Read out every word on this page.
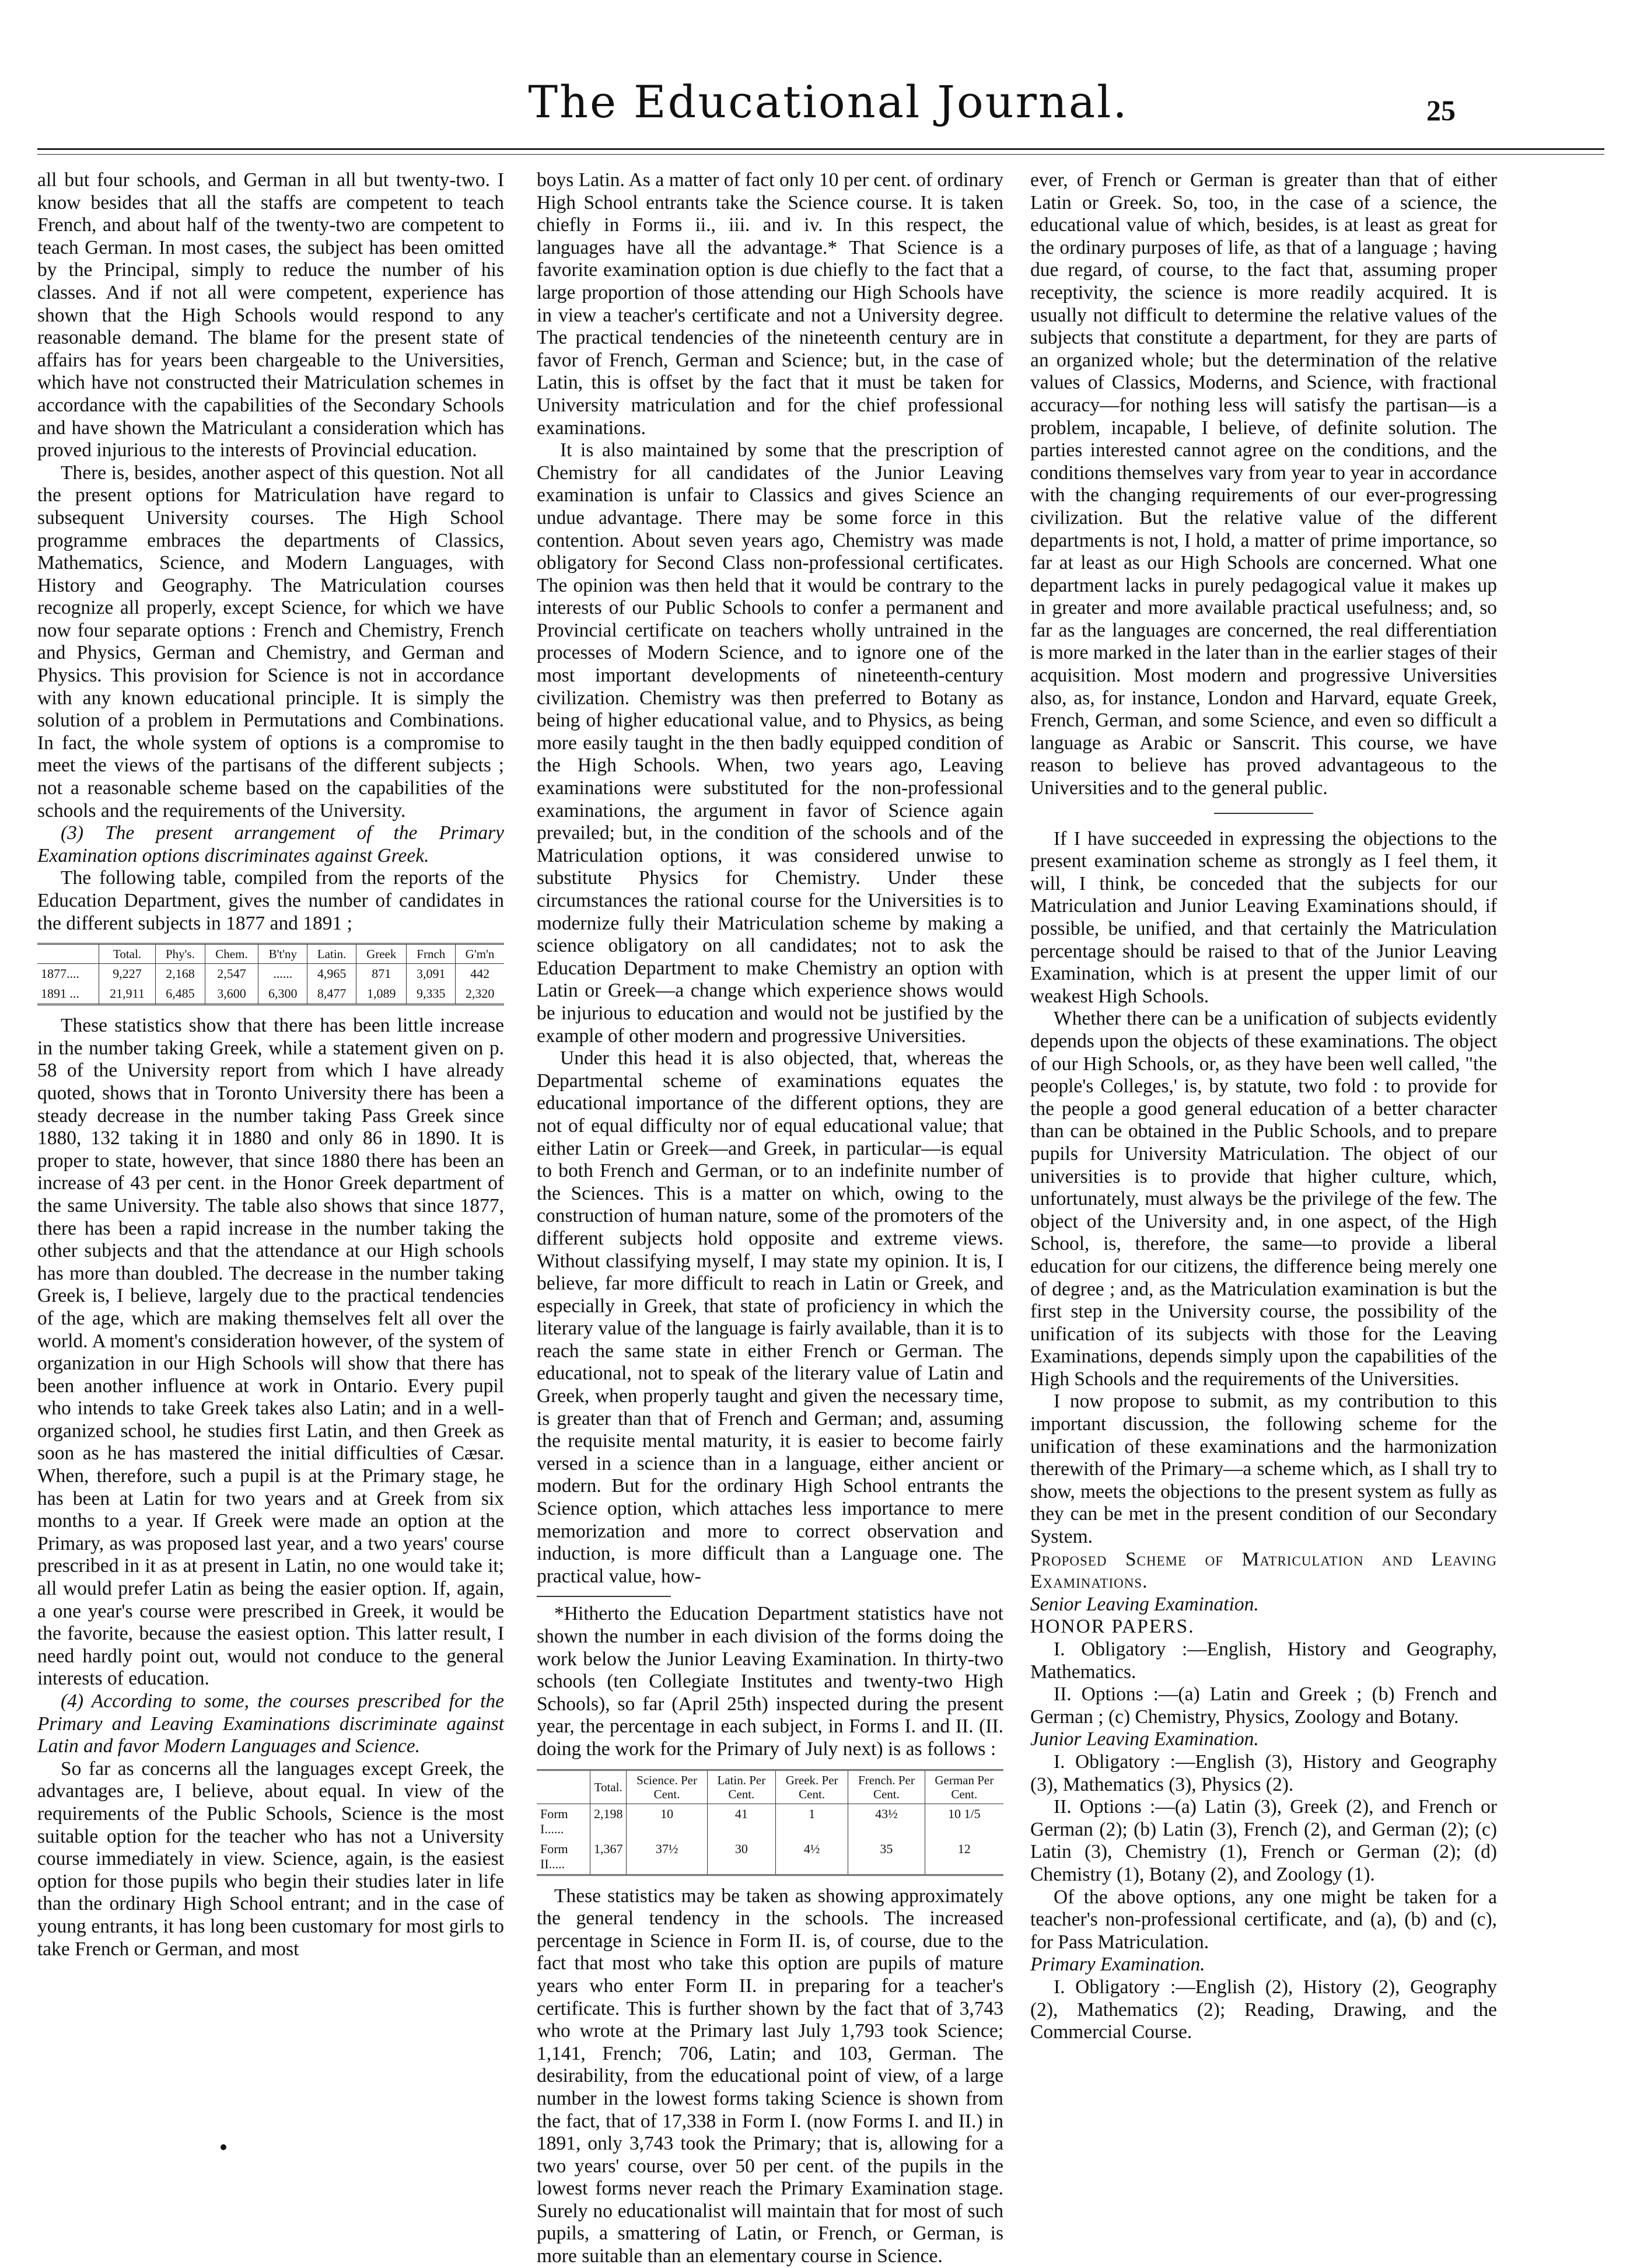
The Educational Journal.	25

all but four schools, and German in all but twenty-two. I know besides that all the staffs are competent to teach French, and about half of the twenty-two are competent to teach German. In most cases, the subject has been omitted by the Principal, simply to reduce the number of his classes. And if not all were competent, experience has shown that the High Schools would respond to any reasonable demand. The blame for the present state of affairs has for years been chargeable to the Universities, which have not constructed their Matriculation schemes in accordance with the capabilities of the Secondary Schools and have shown the Matriculant a consideration which has proved injurious to the interests of Provincial education.

There is, besides, another aspect of this question. Not all the present options for Matriculation have regard to subsequent University courses. The High School programme embraces the departments of Classics, Mathematics, Science, and Modern Languages, with History and Geography. The Matriculation courses recognize all properly, except Science, for which we have now four separate options : French and Chemistry, French and Physics, German and Chemistry, and German and Physics. This provision for Science is not in accordance with any known educational principle. It is simply the solution of a problem in Permutations and Combinations. In fact, the whole system of options is a compromise to meet the views of the partisans of the different subjects ; not a reasonable scheme based on the capabilities of the schools and the requirements of the University.

(3) The present arrangement of the Primary Examination options discriminates against Greek.

The following table, compiled from the reports of the Education Department, gives the number of candidates in the different subjects in 1877 and 1891 ;

	Total.	Phy's.	Chem.	B't'ny	Latin.	Greek	Frnch	G'm'n
1877....	9,227	2,168	2,547	......	4,965	871	3,091	442
1891 ...	21,911	6,485	3,600	6,300	8,477	1,089	9,335	2,320

These statistics show that there has been little increase in the number taking Greek, while a statement given on p. 58 of the University report from which I have already quoted, shows that in Toronto University there has been a steady decrease in the number taking Pass Greek since 1880, 132 taking it in 1880 and only 86 in 1890. It is proper to state, however, that since 1880 there has been an increase of 43 per cent. in the Honor Greek department of the same University. The table also shows that since 1877, there has been a rapid increase in the number taking the other subjects and that the attendance at our High schools has more than doubled. The decrease in the number taking Greek is, I believe, largely due to the practical tendencies of the age, which are making themselves felt all over the world. A moment's consideration however, of the system of organization in our High Schools will show that there has been another influence at work in Ontario. Every pupil who intends to take Greek takes also Latin; and in a well-organized school, he studies first Latin, and then Greek as soon as he has mastered the initial difficulties of Cæsar. When, therefore, such a pupil is at the Primary stage, he has been at Latin for two years and at Greek from six months to a year. If Greek were made an option at the Primary, as was proposed last year, and a two years' course prescribed in it as at present in Latin, no one would take it; all would prefer Latin as being the easier option. If, again, a one year's course were prescribed in Greek, it would be the favorite, because the easiest option. This latter result, I need hardly point out, would not conduce to the general interests of education.

(4) According to some, the courses prescribed for the Primary and Leaving Examinations discriminate against Latin and favor Modern Languages and Science.

So far as concerns all the languages except Greek, the advantages are, I believe, about equal. In view of the requirements of the Public Schools, Science is the most suitable option for the teacher who has not a University course immediately in view. Science, again, is the easiest option for those pupils who begin their studies later in life than the ordinary High School entrant; and in the case of young entrants, it has long been customary for most girls to take French or German, and most

boys Latin. As a matter of fact only 10 per cent. of ordinary High School entrants take the Science course. It is taken chiefly in Forms ii., iii. and iv. In this respect, the languages have all the advantage.* That Science is a favorite examination option is due chiefly to the fact that a large proportion of those attending our High Schools have in view a teacher's certificate and not a University degree. The practical tendencies of the nineteenth century are in favor of French, German and Science; but, in the case of Latin, this is offset by the fact that it must be taken for University matriculation and for the chief professional examinations.

It is also maintained by some that the prescription of Chemistry for all candidates of the Junior Leaving examination is unfair to Classics and gives Science an undue advantage. There may be some force in this contention. About seven years ago, Chemistry was made obligatory for Second Class non-professional certificates. The opinion was then held that it would be contrary to the interests of our Public Schools to confer a permanent and Provincial certificate on teachers wholly untrained in the processes of Modern Science, and to ignore one of the most important developments of nineteenth-century civilization. Chemistry was then preferred to Botany as being of higher educational value, and to Physics, as being more easily taught in the then badly equipped condition of the High Schools. When, two years ago, Leaving examinations were substituted for the non-professional examinations, the argument in favor of Science again prevailed; but, in the condition of the schools and of the Matriculation options, it was considered unwise to substitute Physics for Chemistry. Under these circumstances the rational course for the Universities is to modernize fully their Matriculation scheme by making a science obligatory on all candidates; not to ask the Education Department to make Chemistry an option with Latin or Greek—a change which experience shows would be injurious to education and would not be justified by the example of other modern and progressive Universities.

Under this head it is also objected, that, whereas the Departmental scheme of examinations equates the educational importance of the different options, they are not of equal difficulty nor of equal educational value; that either Latin or Greek—and Greek, in particular—is equal to both French and German, or to an indefinite number of the Sciences. This is a matter on which, owing to the construction of human nature, some of the promoters of the different subjects hold opposite and extreme views. Without classifying myself, I may state my opinion. It is, I believe, far more difficult to reach in Latin or Greek, and especially in Greek, that state of proficiency in which the literary value of the language is fairly available, than it is to reach the same state in either French or German. The educational, not to speak of the literary value of Latin and Greek, when properly taught and given the necessary time, is greater than that of French and German; and, assuming the requisite mental maturity, it is easier to become fairly versed in a science than in a language, either ancient or modern. But for the ordinary High School entrants the Science option, which attaches less importance to mere memorization and more to correct observation and induction, is more difficult than a Language one. The practical value, how-

*Hitherto the Education Department statistics have not shown the number in each division of the forms doing the work below the Junior Leaving Examination. In thirty-two schools (ten Collegiate Institutes and twenty-two High Schools), so far (April 25th) inspected during the present year, the percentage in each subject, in Forms I. and II. (II. doing the work for the Primary of July next) is as follows :

	Total.	Science. Per Cent.	Latin. Per Cent.	Greek. Per Cent.	French. Per Cent.	German Per Cent.
Form I......	2,198	10	41	1	43½	10 1/5
Form II.....	1,367	37½	30	4½	35	12

These statistics may be taken as showing approximately the general tendency in the schools. The increased percentage in Science in Form II. is, of course, due to the fact that most who take this option are pupils of mature years who enter Form II. in preparing for a teacher's certificate. This is further shown by the fact that of 3,743 who wrote at the Primary last July 1,793 took Science; 1,141, French; 706, Latin; and 103, German. The desirability, from the educational point of view, of a large number in the lowest forms taking Science is shown from the fact, that of 17,338 in Form I. (now Forms I. and II.) in 1891, only 3,743 took the Primary; that is, allowing for a two years' course, over 50 per cent. of the pupils in the lowest forms never reach the Primary Examination stage. Surely no educationalist will maintain that for most of such pupils, a smattering of Latin, or French, or German, is more suitable than an elementary course in Science.

ever, of French or German is greater than that of either Latin or Greek. So, too, in the case of a science, the educational value of which, besides, is at least as great for the ordinary purposes of life, as that of a language ; having due regard, of course, to the fact that, assuming proper receptivity, the science is more readily acquired. It is usually not difficult to determine the relative values of the subjects that constitute a department, for they are parts of an organized whole; but the determination of the relative values of Classics, Moderns, and Science, with fractional accuracy—for nothing less will satisfy the partisan—is a problem, incapable, I believe, of definite solution. The parties interested cannot agree on the conditions, and the conditions themselves vary from year to year in accordance with the changing requirements of our ever-progressing civilization. But the relative value of the different departments is not, I hold, a matter of prime importance, so far at least as our High Schools are concerned. What one department lacks in purely pedagogical value it makes up in greater and more available practical usefulness; and, so far as the languages are concerned, the real differentiation is more marked in the later than in the earlier stages of their acquisition. Most modern and progressive Universities also, as, for instance, London and Harvard, equate Greek, French, German, and some Science, and even so difficult a language as Arabic or Sanscrit. This course, we have reason to believe has proved advantageous to the Universities and to the general public.

If I have succeeded in expressing the objections to the present examination scheme as strongly as I feel them, it will, I think, be conceded that the subjects for our Matriculation and Junior Leaving Examinations should, if possible, be unified, and that certainly the Matriculation percentage should be raised to that of the Junior Leaving Examination, which is at present the upper limit of our weakest High Schools.

Whether there can be a unification of subjects evidently depends upon the objects of these examinations. The object of our High Schools, or, as they have been well called, "the people's Colleges,' is, by statute, two fold : to provide for the people a good general education of a better character than can be obtained in the Public Schools, and to prepare pupils for University Matriculation. The object of our universities is to provide that higher culture, which, unfortunately, must always be the privilege of the few. The object of the University and, in one aspect, of the High School, is, therefore, the same—to provide a liberal education for our citizens, the difference being merely one of degree ; and, as the Matriculation examination is but the first step in the University course, the possibility of the unification of its subjects with those for the Leaving Examinations, depends simply upon the capabilities of the High Schools and the requirements of the Universities.

I now propose to submit, as my contribution to this important discussion, the following scheme for the unification of these examinations and the harmonization therewith of the Primary—a scheme which, as I shall try to show, meets the objections to the present system as fully as they can be met in the present condition of our Secondary System.

Proposed Scheme of Matriculation and Leaving Examinations.

Senior Leaving Examination.

HONOR PAPERS.

I. Obligatory :—English, History and Geography, Mathematics.

II. Options :—(a) Latin and Greek ; (b) French and German ; (c) Chemistry, Physics, Zoology and Botany.

Junior Leaving Examination.

I. Obligatory :—English (3), History and Geography (3), Mathematics (3), Physics (2).

II. Options :—(a) Latin (3), Greek (2), and French or German (2); (b) Latin (3), French (2), and German (2); (c) Latin (3), Chemistry (1), French or German (2); (d) Chemistry (1), Botany (2), and Zoology (1).

Of the above options, any one might be taken for a teacher's non-professional certificate, and (a), (b) and (c), for Pass Matriculation.

Primary Examination.

I. Obligatory :—English (2), History (2), Geography (2), Mathematics (2); Reading, Drawing, and the Commercial Course.
